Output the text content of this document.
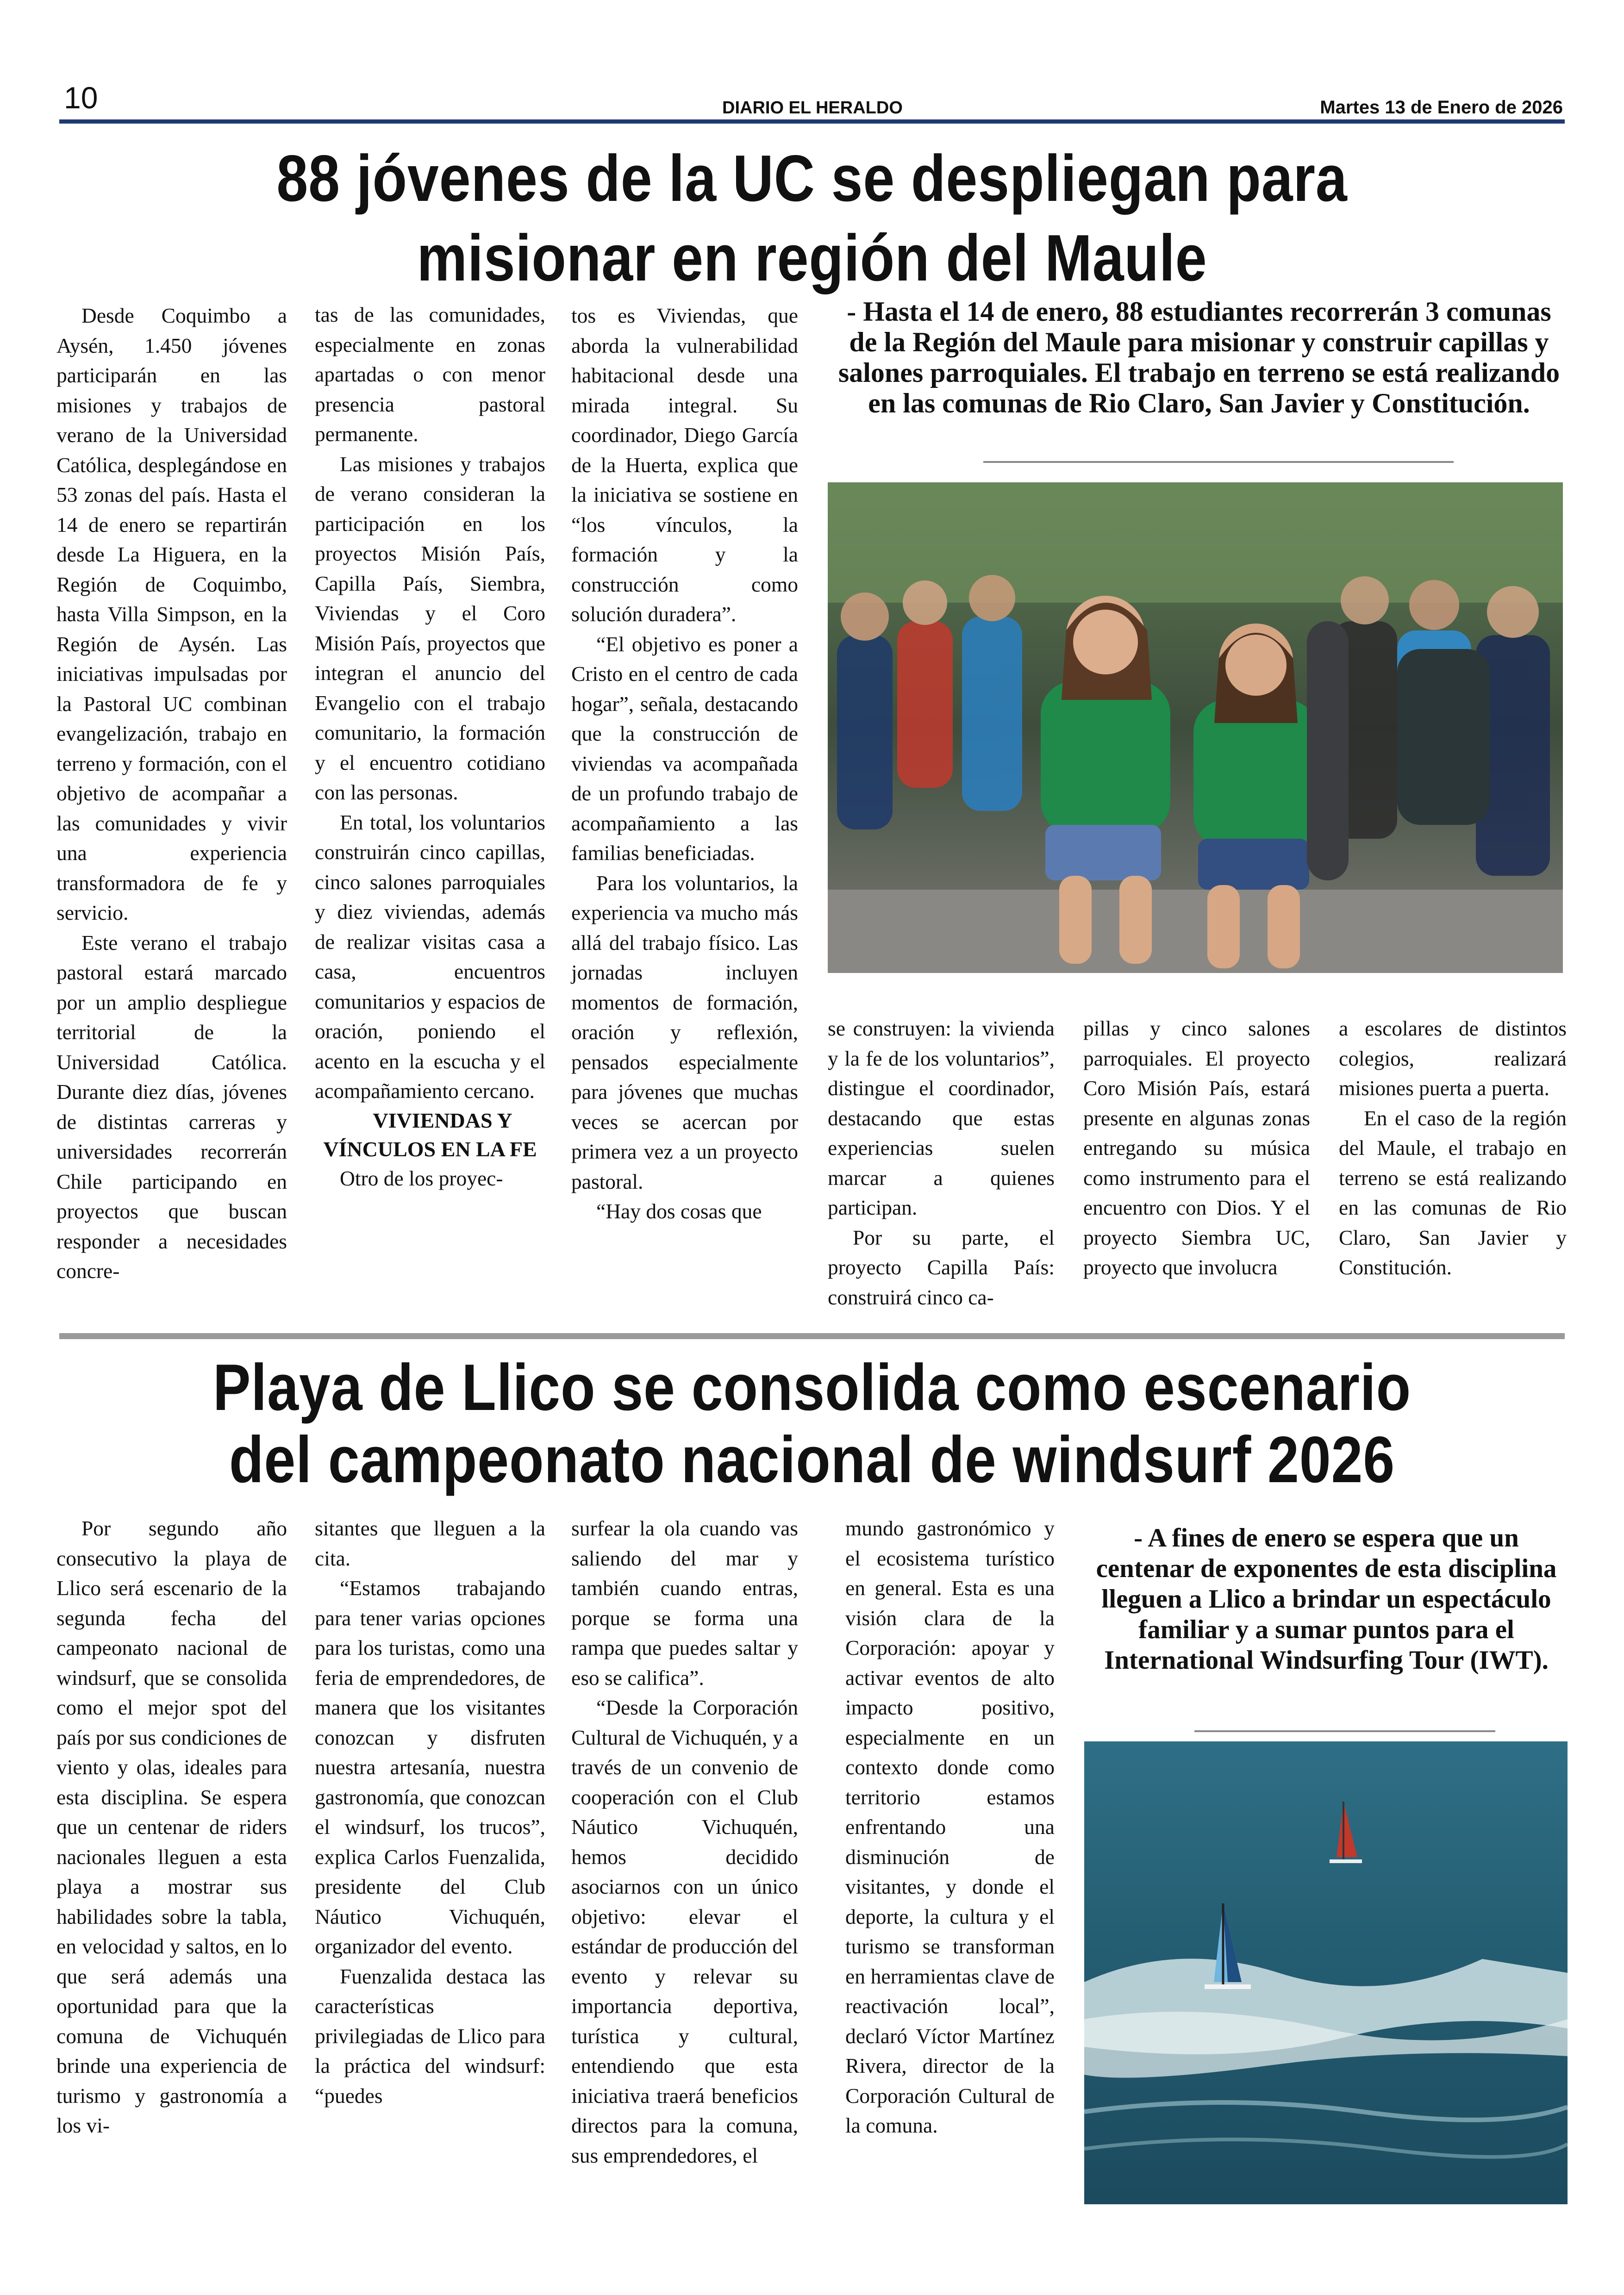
10	DIARIO EL HERALDO	Martes 13 de Enero de 2026
88 jóvenes de la UC se despliegan para
misionar en región del Maule

Desde Coquimbo a Aysén, 1.450 jóvenes participarán en las misiones y trabajos de verano de la Universidad Católica, desplegándose en 53 zonas del país. Hasta el 14 de enero se repartirán desde La Higuera, en la Región de Coquimbo, hasta Villa Simpson, en la Región de Aysén. Las iniciativas impulsadas por la Pastoral UC combinan evangelización, trabajo en terreno y formación, con el objetivo de acompañar a las comunidades y vivir una experiencia transformadora de fe y servicio.

Este verano el trabajo pastoral estará marcado por un amplio despliegue territorial de la Universidad Católica. Durante diez días, jóvenes de distintas carreras y universidades recorrerán Chile participando en proyectos que buscan responder a necesidades concre-

tas de las comunidades, especialmente en zonas apartadas o con menor presencia pastoral permanente.

Las misiones y trabajos de verano consideran la participación en los proyectos Misión País, Capilla País, Siembra, Viviendas y el Coro Misión País, proyectos que integran el anuncio del Evangelio con el trabajo comunitario, la formación y el encuentro cotidiano con las personas.

En total, los voluntarios construirán cinco capillas, cinco salones parroquiales y diez viviendas, además de realizar visitas casa a casa, encuentros comunitarios y espacios de oración, poniendo el acento en la escucha y el acompañamiento cercano.

VIVIENDAS Y VÍNCULOS EN LA FE

Otro de los proyec-

tos es Viviendas, que aborda la vulnerabilidad habitacional desde una mirada integral. Su coordinador, Diego García de la Huerta, explica que la iniciativa se sostiene en “los vínculos, la formación y la construcción como solución duradera”.

“El objetivo es poner a Cristo en el centro de cada hogar”, señala, destacando que la construcción de viviendas va acompañada de un profundo trabajo de acompañamiento a las familias beneficiadas.

Para los voluntarios, la experiencia va mucho más allá del trabajo físico. Las jornadas incluyen momentos de formación, oración y reflexión, pensados especialmente para jóvenes que muchas veces se acercan por primera vez a un proyecto pastoral.

“Hay dos cosas que

- Hasta el 14 de enero, 88 estudiantes recorrerán 3 comunas de la Región del Maule para misionar y construir capillas y salones parroquiales. El trabajo en terreno se está realizando en las comunas de Rio Claro, San Javier y Constitución.

se construyen: la vivienda y la fe de los voluntarios”, distingue el coordinador, destacando que estas experiencias suelen marcar a quienes participan.

Por su parte, el proyecto Capilla País: construirá cinco ca-

pillas y cinco salones parroquiales. El proyecto Coro Misión País, estará presente en algunas zonas entregando su música como instrumento para el encuentro con Dios. Y el proyecto Siembra UC, proyecto que involucra

a escolares de distintos colegios, realizará misiones puerta a puerta.

En el caso de la región del Maule, el trabajo en terreno se está realizando en las comunas de Rio Claro, San Javier y Constitución.

Playa de Llico se consolida como escenario
del campeonato nacional de windsurf 2026

Por segundo año consecutivo la playa de Llico será escenario de la segunda fecha del campeonato nacional de windsurf, que se consolida como el mejor spot del país por sus condiciones de viento y olas, ideales para esta disciplina. Se espera que un centenar de riders nacionales lleguen a esta playa a mostrar sus habilidades sobre la tabla, en velocidad y saltos, en lo que será además una oportunidad para que la comuna de Vichuquén brinde una experiencia de turismo y gastronomía a los vi-

sitantes que lleguen a la cita.

“Estamos trabajando para tener varias opciones para los turistas, como una feria de emprendedores, de manera que los visitantes conozcan y disfruten nuestra artesanía, nuestra gastronomía, que conozcan el windsurf, los trucos”, explica Carlos Fuenzalida, presidente del Club Náutico Vichuquén, organizador del evento.

Fuenzalida destaca las características privilegiadas de Llico para la práctica del windsurf: “puedes

surfear la ola cuando vas saliendo del mar y también cuando entras, porque se forma una rampa que puedes saltar y eso se califica”.

“Desde la Corporación Cultural de Vichuquén, y a través de un convenio de cooperación con el Club Náutico Vichuquén, hemos decidido asociarnos con un único objetivo: elevar el estándar de producción del evento y relevar su importancia deportiva, turística y cultural, entendiendo que esta iniciativa traerá beneficios directos para la comuna, sus emprendedores, el

mundo gastronómico y el ecosistema turístico en general. Esta es una visión clara de la Corporación: apoyar y activar eventos de alto impacto positivo, especialmente en un contexto donde como territorio estamos enfrentando una disminución de visitantes, y donde el deporte, la cultura y el turismo se transforman en herramientas clave de reactivación local”, declaró Víctor Martínez Rivera, director de la Corporación Cultural de la comuna.

- A fines de enero se espera que un centenar de exponentes de esta disciplina lleguen a Llico a brindar un espectáculo familiar y a sumar puntos para el International Windsurfing Tour (IWT).
